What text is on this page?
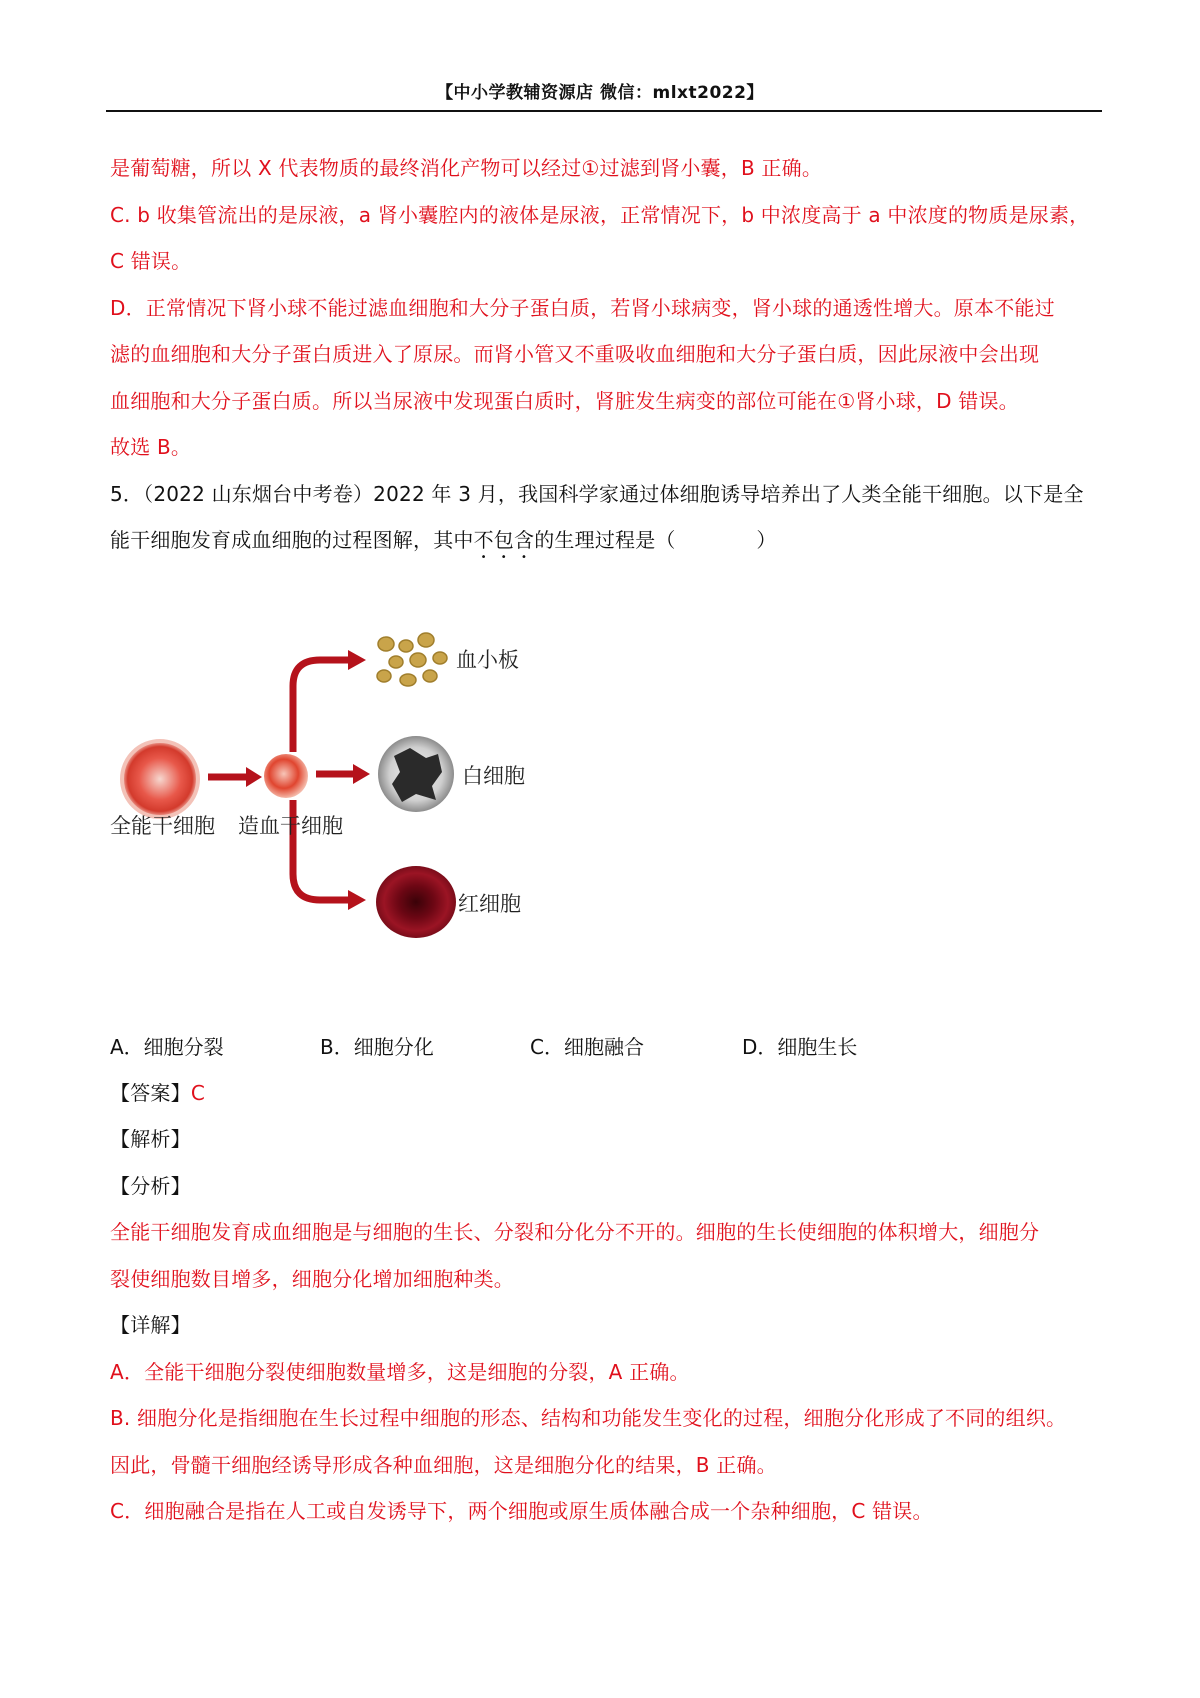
【中小学教辅资源店 微信：mlxt2022】
是葡萄糖，所以 X 代表物质的最终消化产物可以经过①过滤到肾小囊，B 正确。
C. b 收集管流出的是尿液，a 肾小囊腔内的液体是尿液，正常情况下，b 中浓度高于 a 中浓度的物质是尿素，
C 错误。
D．正常情况下肾小球不能过滤血细胞和大分子蛋白质，若肾小球病变，肾小球的通透性增大。原本不能过
滤的血细胞和大分子蛋白质进入了原尿。而肾小管又不重吸收血细胞和大分子蛋白质，因此尿液中会出现
血细胞和大分子蛋白质。所以当尿液中发现蛋白质时，肾脏发生病变的部位可能在①肾小球，D 错误。
故选 B。
5．（2022 山东烟台中考卷）2022 年 3 月，我国科学家通过体细胞诱导培养出了人类全能干细胞。以下是全
能干细胞发育成血细胞的过程图解，其中不包含的生理过程是（　　　　）
全能干细胞 造血干细胞
血小板
白细胞
红细胞
A．细胞分裂	B．细胞分化	C．细胞融合	D．细胞生长
【答案】C
【解析】
【分析】
全能干细胞发育成血细胞是与细胞的生长、分裂和分化分不开的。细胞的生长使细胞的体积增大，细胞分
裂使细胞数目增多，细胞分化增加细胞种类。
【详解】
A．全能干细胞分裂使细胞数量增多，这是细胞的分裂，A 正确。
B. 细胞分化是指细胞在生长过程中细胞的形态、结构和功能发生变化的过程，细胞分化形成了不同的组织。
因此，骨髓干细胞经诱导形成各种血细胞，这是细胞分化的结果，B 正确。
C．细胞融合是指在人工或自发诱导下，两个细胞或原生质体融合成一个杂种细胞，C 错误。
